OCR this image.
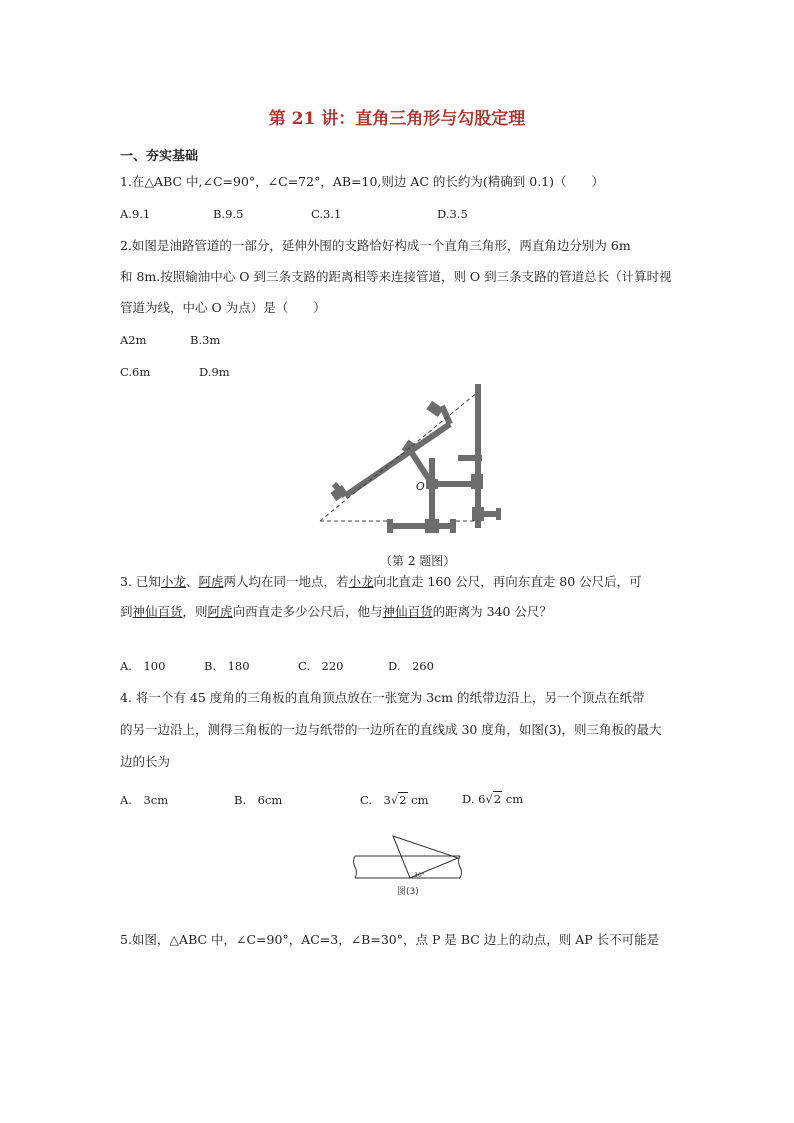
第 21 讲：直角三角形与勾股定理
一、夯实基础
1.在△ABC 中,∠C=90°，∠C=72°，AB=10,则边 AC 的长约为(精确到 0.1)（　　）
A.9.1	B.9.5	C.3.1	D.3.5
2.如图是油路管道的一部分，延伸外围的支路恰好构成一个直角三角形，两直角边分别为 6m
和 8m.按照输油中心 O 到三条支路的距离相等来连接管道，则 O 到三条支路的管道总长（计算时视
管道为线，中心 O 为点）是（　　）
A2m	B.3m
C.6m	D.9m
O
（第 2 题图）
3. 已知小龙、阿虎两人均在同一地点，若小龙向北直走 160 公尺，再向东直走 80 公尺后，可
到神仙百货，则阿虎向西直走多少公尺后，他与神仙百货的距离为 340 公尺？
A.　100	B.　180	C.　220	D.　260
4. 将一个有 45 度角的三角板的直角顶点放在一张宽为 3cm 的纸带边沿上，另一个顶点在纸带
的另一边沿上，测得三角板的一边与纸带的一边所在的直线成 30 度角，如图(3)，则三角板的最大
边的长为
A.　3cm	B.　6cm	C.　3√2 cm	D. 6√2 cm
30°
图(3)
5.如图，△ABC 中，∠C=90°，AC=3，∠B=30°，点 P 是 BC 边上的动点，则 AP 长不可能是
